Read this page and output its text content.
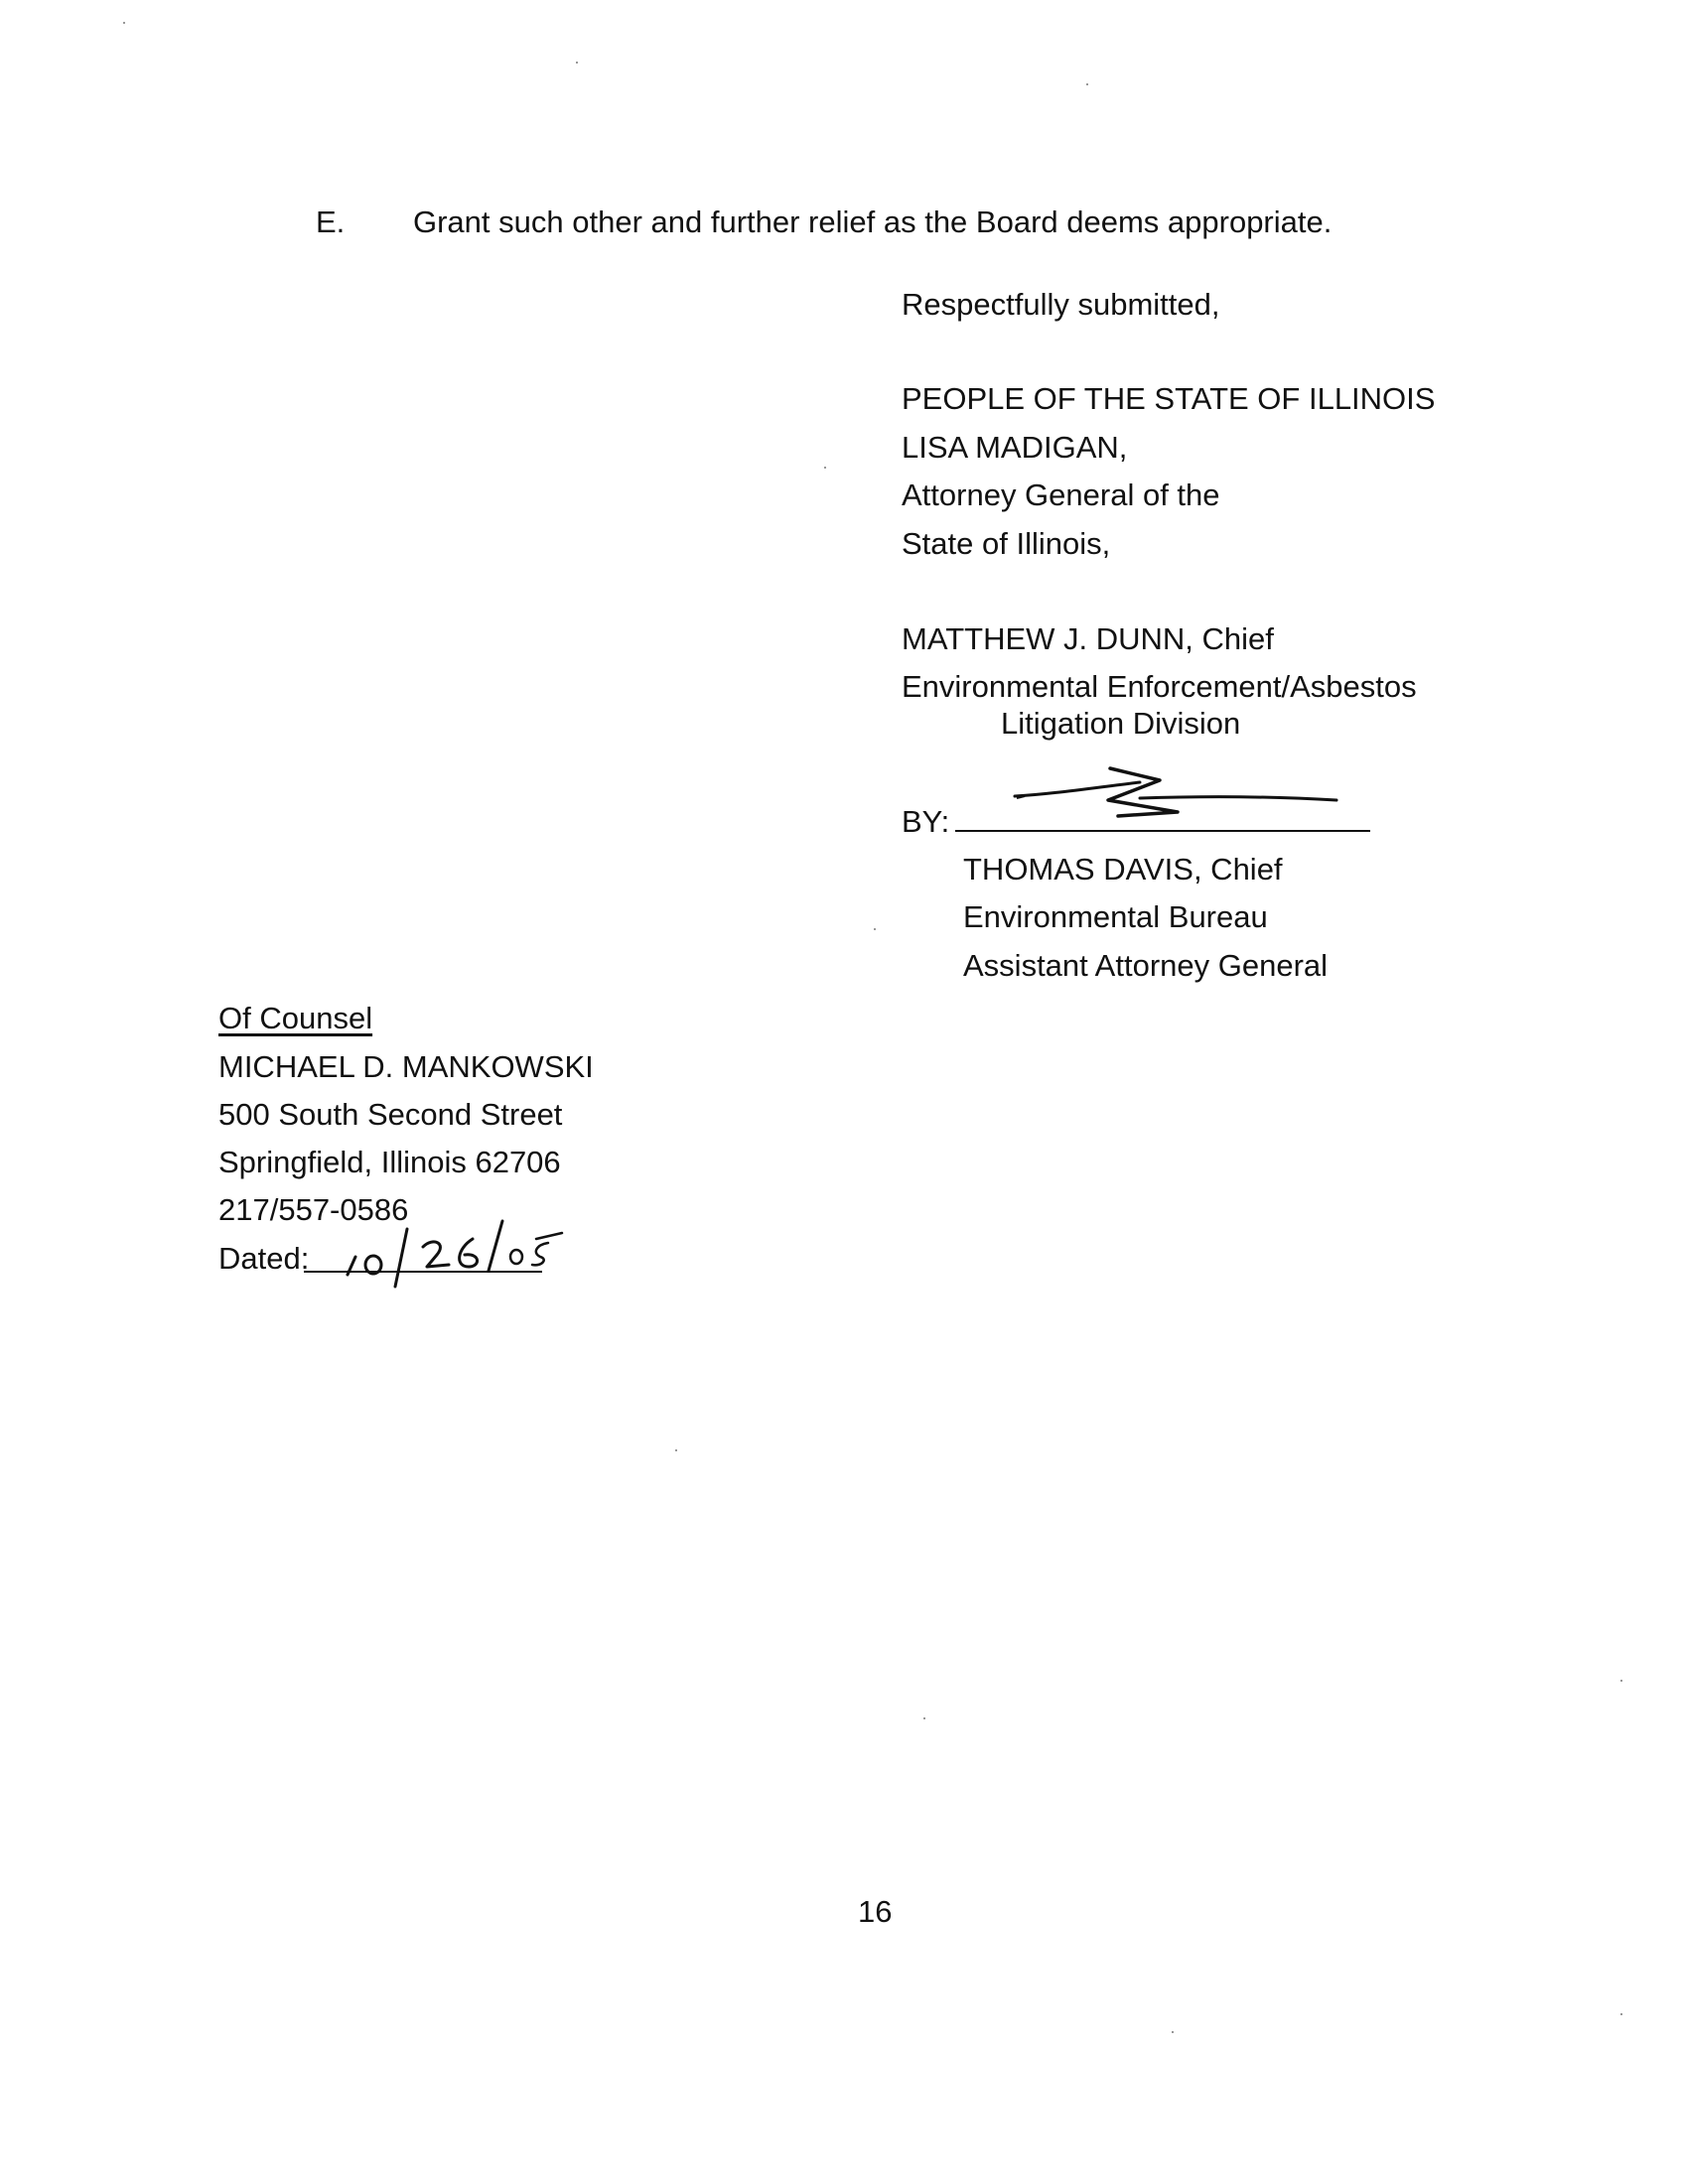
E. Grant such other and further relief as the Board deems appropriate.
Respectfully submitted,
PEOPLE OF THE STATE OF ILLINOIS
LISA MADIGAN,
Attorney General of the
State of Illinois,
MATTHEW J. DUNN, Chief
Environmental Enforcement/Asbestos
Litigation Division
BY:
THOMAS DAVIS, Chief
Environmental Bureau
Assistant Attorney General
Of Counsel
MICHAEL D. MANKOWSKI
500 South Second Street
Springfield, Illinois 62706
217/557-0586
Dated:
16
